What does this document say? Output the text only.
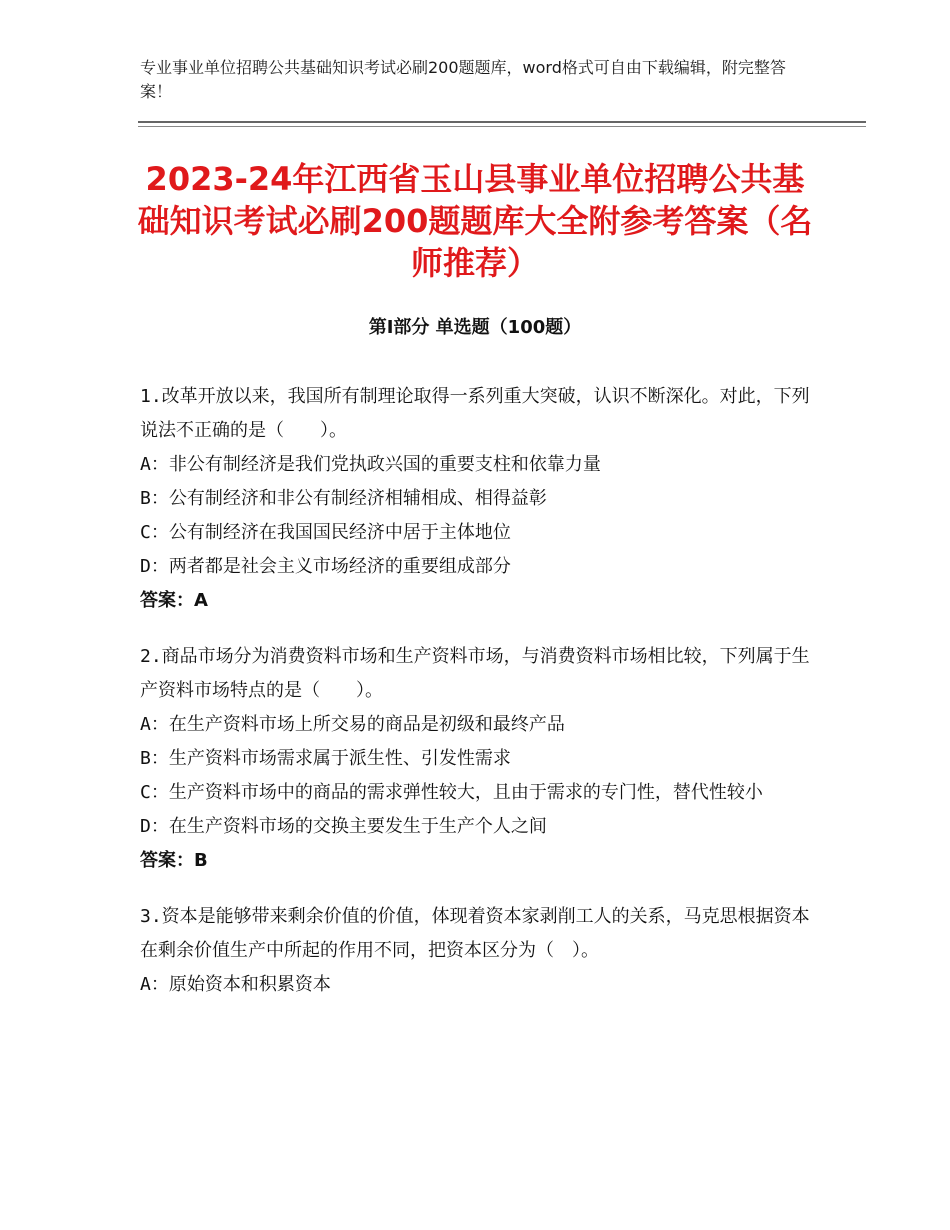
专业事业单位招聘公共基础知识考试必刷200题题库，word格式可自由下载编辑，附完整答案！
2023-24年江西省玉山县事业单位招聘公共基础知识考试必刷200题题库大全附参考答案（名师推荐）
第Ⅰ部分 单选题（100题）

1.改革开放以来，我国所有制理论取得一系列重大突破，认识不断深化。对此，下列说法不正确的是（　　）。

A：非公有制经济是我们党执政兴国的重要支柱和依靠力量

B：公有制经济和非公有制经济相辅相成、相得益彰

C：公有制经济在我国国民经济中居于主体地位

D：两者都是社会主义市场经济的重要组成部分

答案：A

2.商品市场分为消费资料市场和生产资料市场，与消费资料市场相比较，下列属于生产资料市场特点的是（　　）。

A：在生产资料市场上所交易的商品是初级和最终产品

B：生产资料市场需求属于派生性、引发性需求

C：生产资料市场中的商品的需求弹性较大，且由于需求的专门性，替代性较小

D：在生产资料市场的交换主要发生于生产个人之间

答案：B

3.资本是能够带来剩余价值的价值，体现着资本家剥削工人的关系，马克思根据资本在剩余价值生产中所起的作用不同，把资本区分为（　）。

A：原始资本和积累资本
